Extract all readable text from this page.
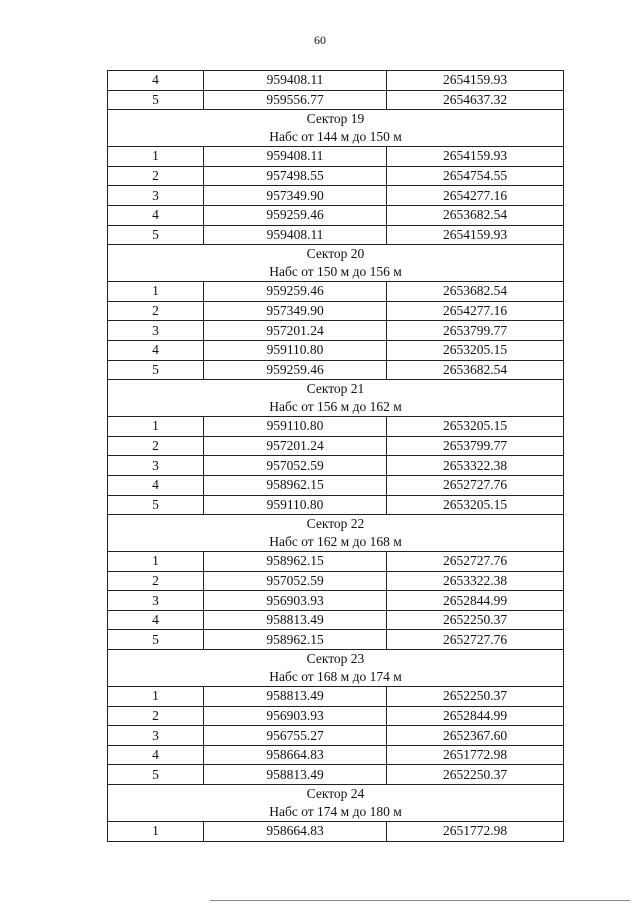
60
4	959408.11	2654159.93
5	959556.77	2654637.32

Сектор 19
Набс от 144 м до 150 м		

1	959408.11	2654159.93
2	957498.55	2654754.55
3	957349.90	2654277.16
4	959259.46	2653682.54
5	959408.11	2654159.93

Сектор 20
Набс от 150 м до 156 м		

1	959259.46	2653682.54
2	957349.90	2654277.16
3	957201.24	2653799.77
4	959110.80	2653205.15
5	959259.46	2653682.54

Сектор 21
Набс от 156 м до 162 м		

1	959110.80	2653205.15
2	957201.24	2653799.77
3	957052.59	2653322.38
4	958962.15	2652727.76
5	959110.80	2653205.15

Сектор 22
Набс от 162 м до 168 м		

1	958962.15	2652727.76
2	957052.59	2653322.38
3	956903.93	2652844.99
4	958813.49	2652250.37
5	958962.15	2652727.76

Сектор 23
Набс от 168 м до 174 м		

1	958813.49	2652250.37
2	956903.93	2652844.99
3	956755.27	2652367.60
4	958664.83	2651772.98
5	958813.49	2652250.37

Сектор 24
Набс от 174 м до 180 м		

1	958664.83	2651772.98
